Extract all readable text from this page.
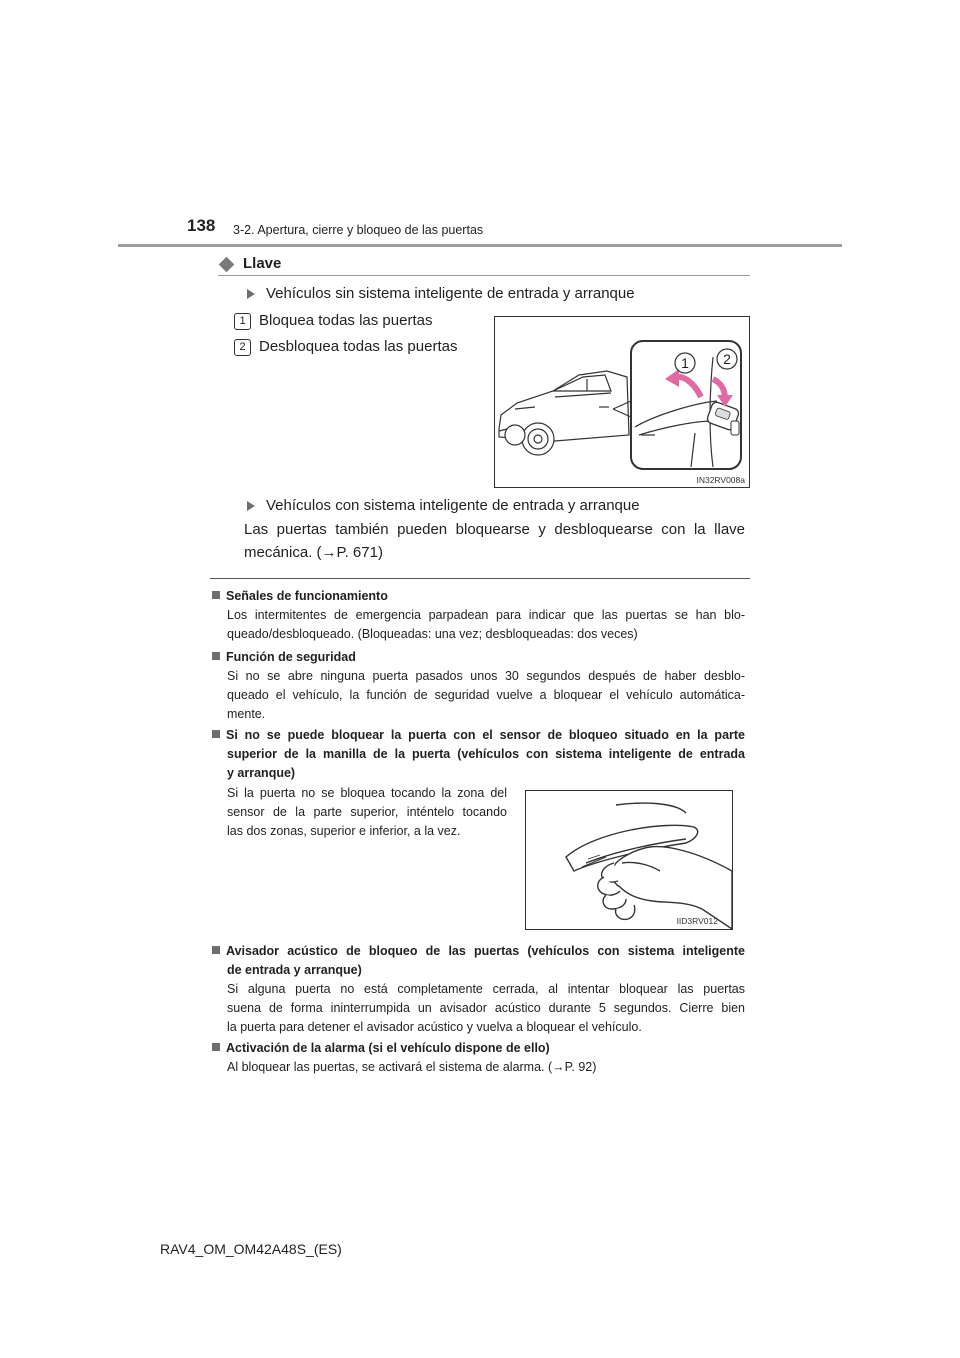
138 3-2. Apertura, cierre y bloqueo de las puertas
Llave
Vehículos sin sistema inteligente de entrada y arranque
1 Bloquea todas las puertas
2 Desbloquea todas las puertas
1 2
IN32RV008a
Vehículos con sistema inteligente de entrada y arranque
Las puertas también pueden bloquearse y desbloquearse con la llave
mecánica. (→P. 671)
Señales de funcionamiento
Los intermitentes de emergencia parpadean para indicar que las puertas se han blo-
queado/desbloqueado. (Bloqueadas: una vez; desbloqueadas: dos veces)
Función de seguridad
Si no se abre ninguna puerta pasados unos 30 segundos después de haber desblo-
queado el vehículo, la función de seguridad vuelve a bloquear el vehículo automática-
mente.
Si no se puede bloquear la puerta con el sensor de bloqueo situado en la parte
superior de la manilla de la puerta (vehículos con sistema inteligente de entrada
y arranque)
Si la puerta no se bloquea tocando la zona del
sensor de la parte superior, inténtelo tocando
las dos zonas, superior e inferior, a la vez.
IID3RV012
Avisador acústico de bloqueo de las puertas (vehículos con sistema inteligente
de entrada y arranque)
Si alguna puerta no está completamente cerrada, al intentar bloquear las puertas
suena de forma ininterrumpida un avisador acústico durante 5 segundos. Cierre bien
la puerta para detener el avisador acústico y vuelva a bloquear el vehículo.
Activación de la alarma (si el vehículo dispone de ello)
Al bloquear las puertas, se activará el sistema de alarma. (→P. 92)
RAV4_OM_OM42A48S_(ES)
